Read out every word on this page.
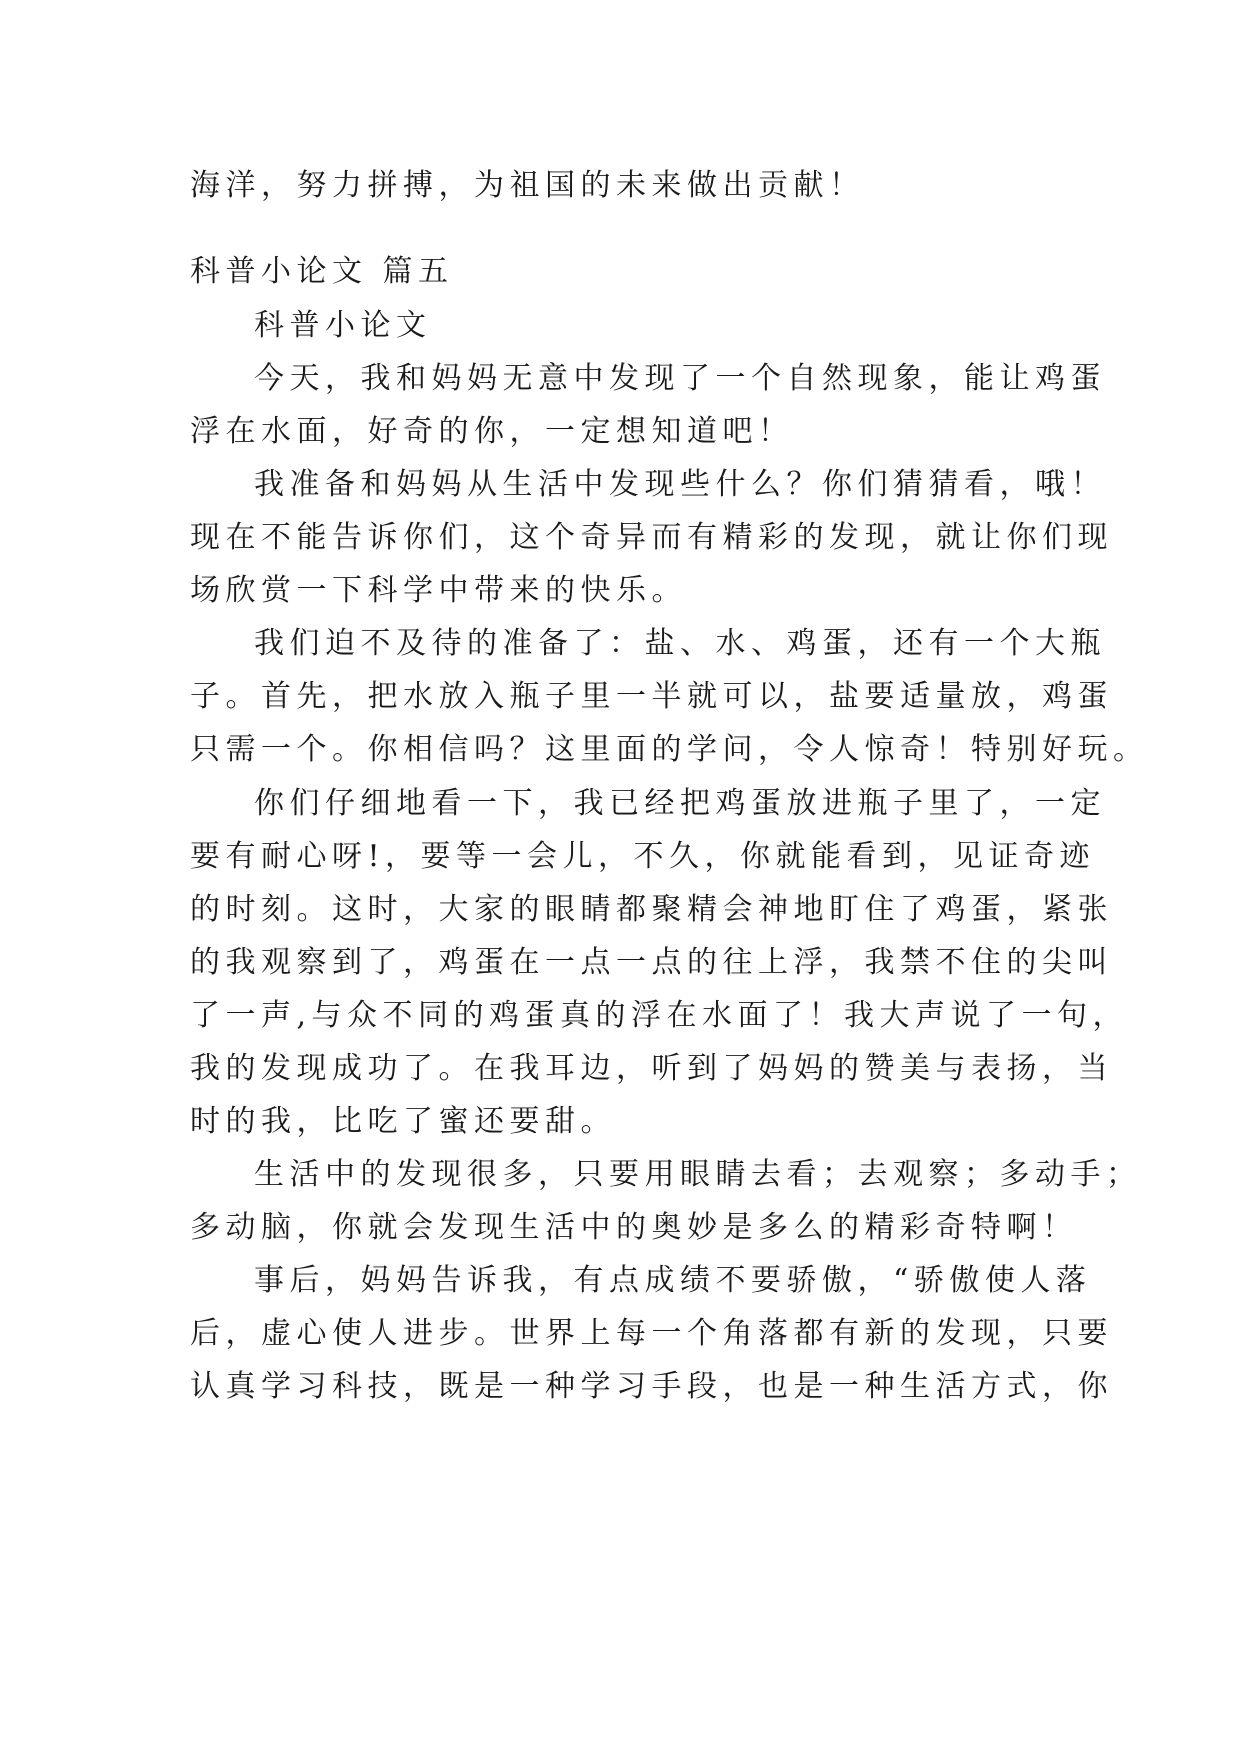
海洋，努力拼搏，为祖国的未来做出贡献！
科普小论文 篇五
科普小论文
今天，我和妈妈无意中发现了一个自然现象，能让鸡蛋
浮在水面，好奇的你，一定想知道吧！
我准备和妈妈从生活中发现些什么？你们猜猜看，哦！
现在不能告诉你们，这个奇异而有精彩的发现，就让你们现
场欣赏一下科学中带来的快乐。
我们迫不及待的准备了：盐、水、鸡蛋，还有一个大瓶
子。首先，把水放入瓶子里一半就可以，盐要适量放，鸡蛋
只需一个。你相信吗？这里面的学问，令人惊奇！特别好玩。
你们仔细地看一下，我已经把鸡蛋放进瓶子里了，一定
要有耐心呀!，要等一会儿，不久，你就能看到，见证奇迹
的时刻。这时，大家的眼睛都聚精会神地盯住了鸡蛋，紧张
的我观察到了，鸡蛋在一点一点的往上浮，我禁不住的尖叫
了一声,与众不同的鸡蛋真的浮在水面了！我大声说了一句，
我的发现成功了。在我耳边，听到了妈妈的赞美与表扬，当
时的我，比吃了蜜还要甜。
生活中的发现很多，只要用眼睛去看；去观察；多动手；
多动脑，你就会发现生活中的奥妙是多么的精彩奇特啊！
事后，妈妈告诉我，有点成绩不要骄傲，“骄傲使人落
后，虚心使人进步。世界上每一个角落都有新的发现，只要
认真学习科技，既是一种学习手段，也是一种生活方式，你
